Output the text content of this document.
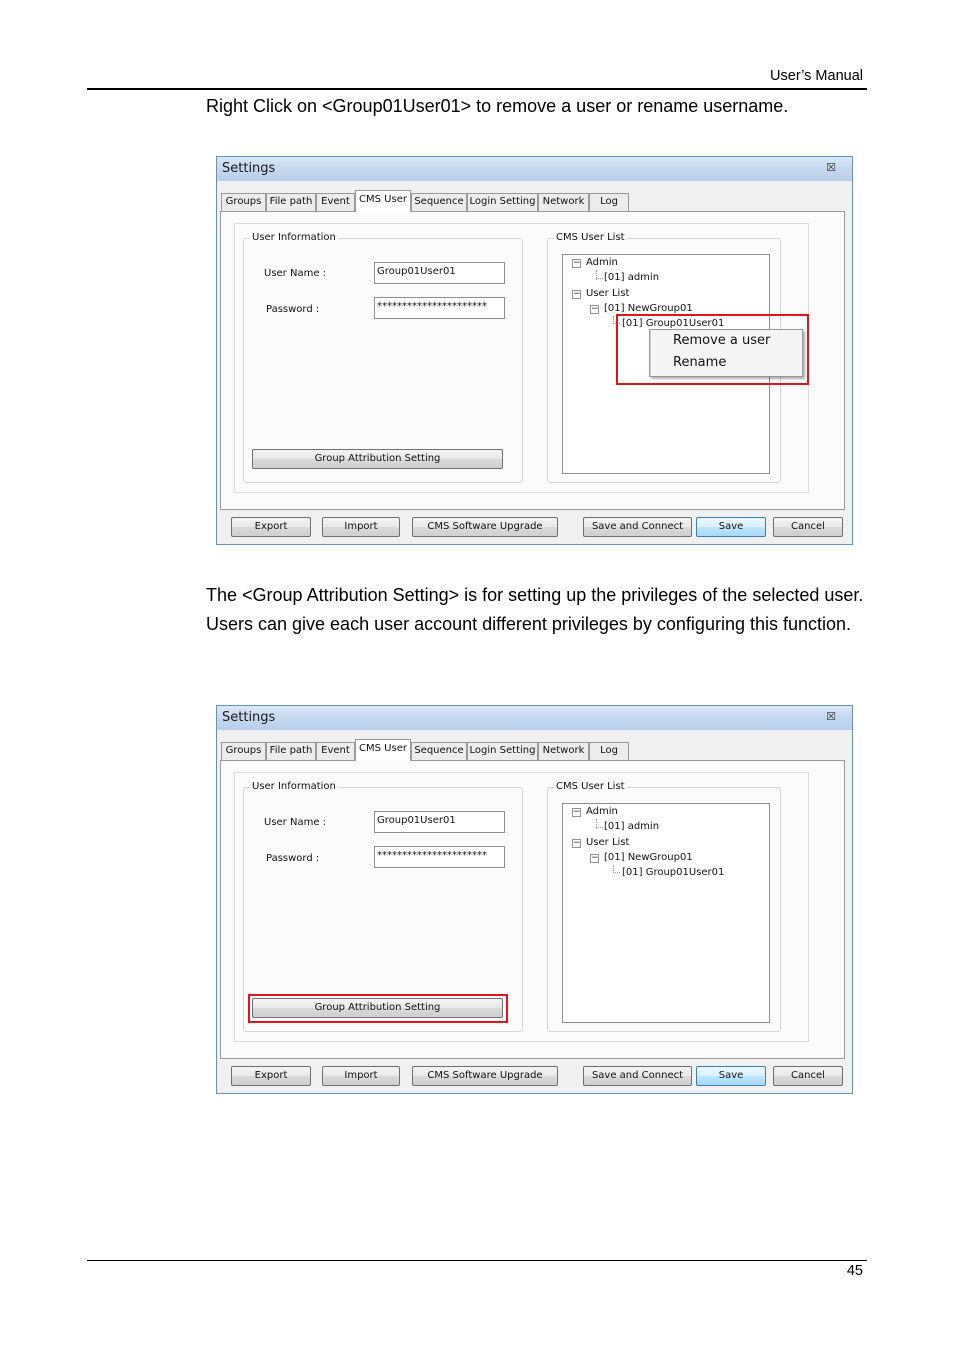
User’s Manual

Right Click on <Group01User01> to remove a user or rename username.

Settings	☒
Groups File path Event CMS User Sequence Login Setting Network	Log
User Information
User Name :	Group01User01
Password :	**********************
Group Attribution Setting
CMS User List
− Admin
[01] admin
− User List
− [01] NewGroup01
[01] Group01User01
Export	Import	CMS Software Upgrade	Save and Connect	Save	Cancel
Remove a user
Rename

The <Group Attribution Setting> is for setting up the privileges of the selected user. Users can give each user account different privileges by configuring this function.

Settings	☒
Groups File path Event CMS User Sequence Login Setting Network	Log
User Information
User Name :	Group01User01
Password :	**********************
Group Attribution Setting
CMS User List
− Admin
[01] admin
− User List
− [01] NewGroup01
[01] Group01User01
Export	Import	CMS Software Upgrade	Save and Connect	Save	Cancel
45
